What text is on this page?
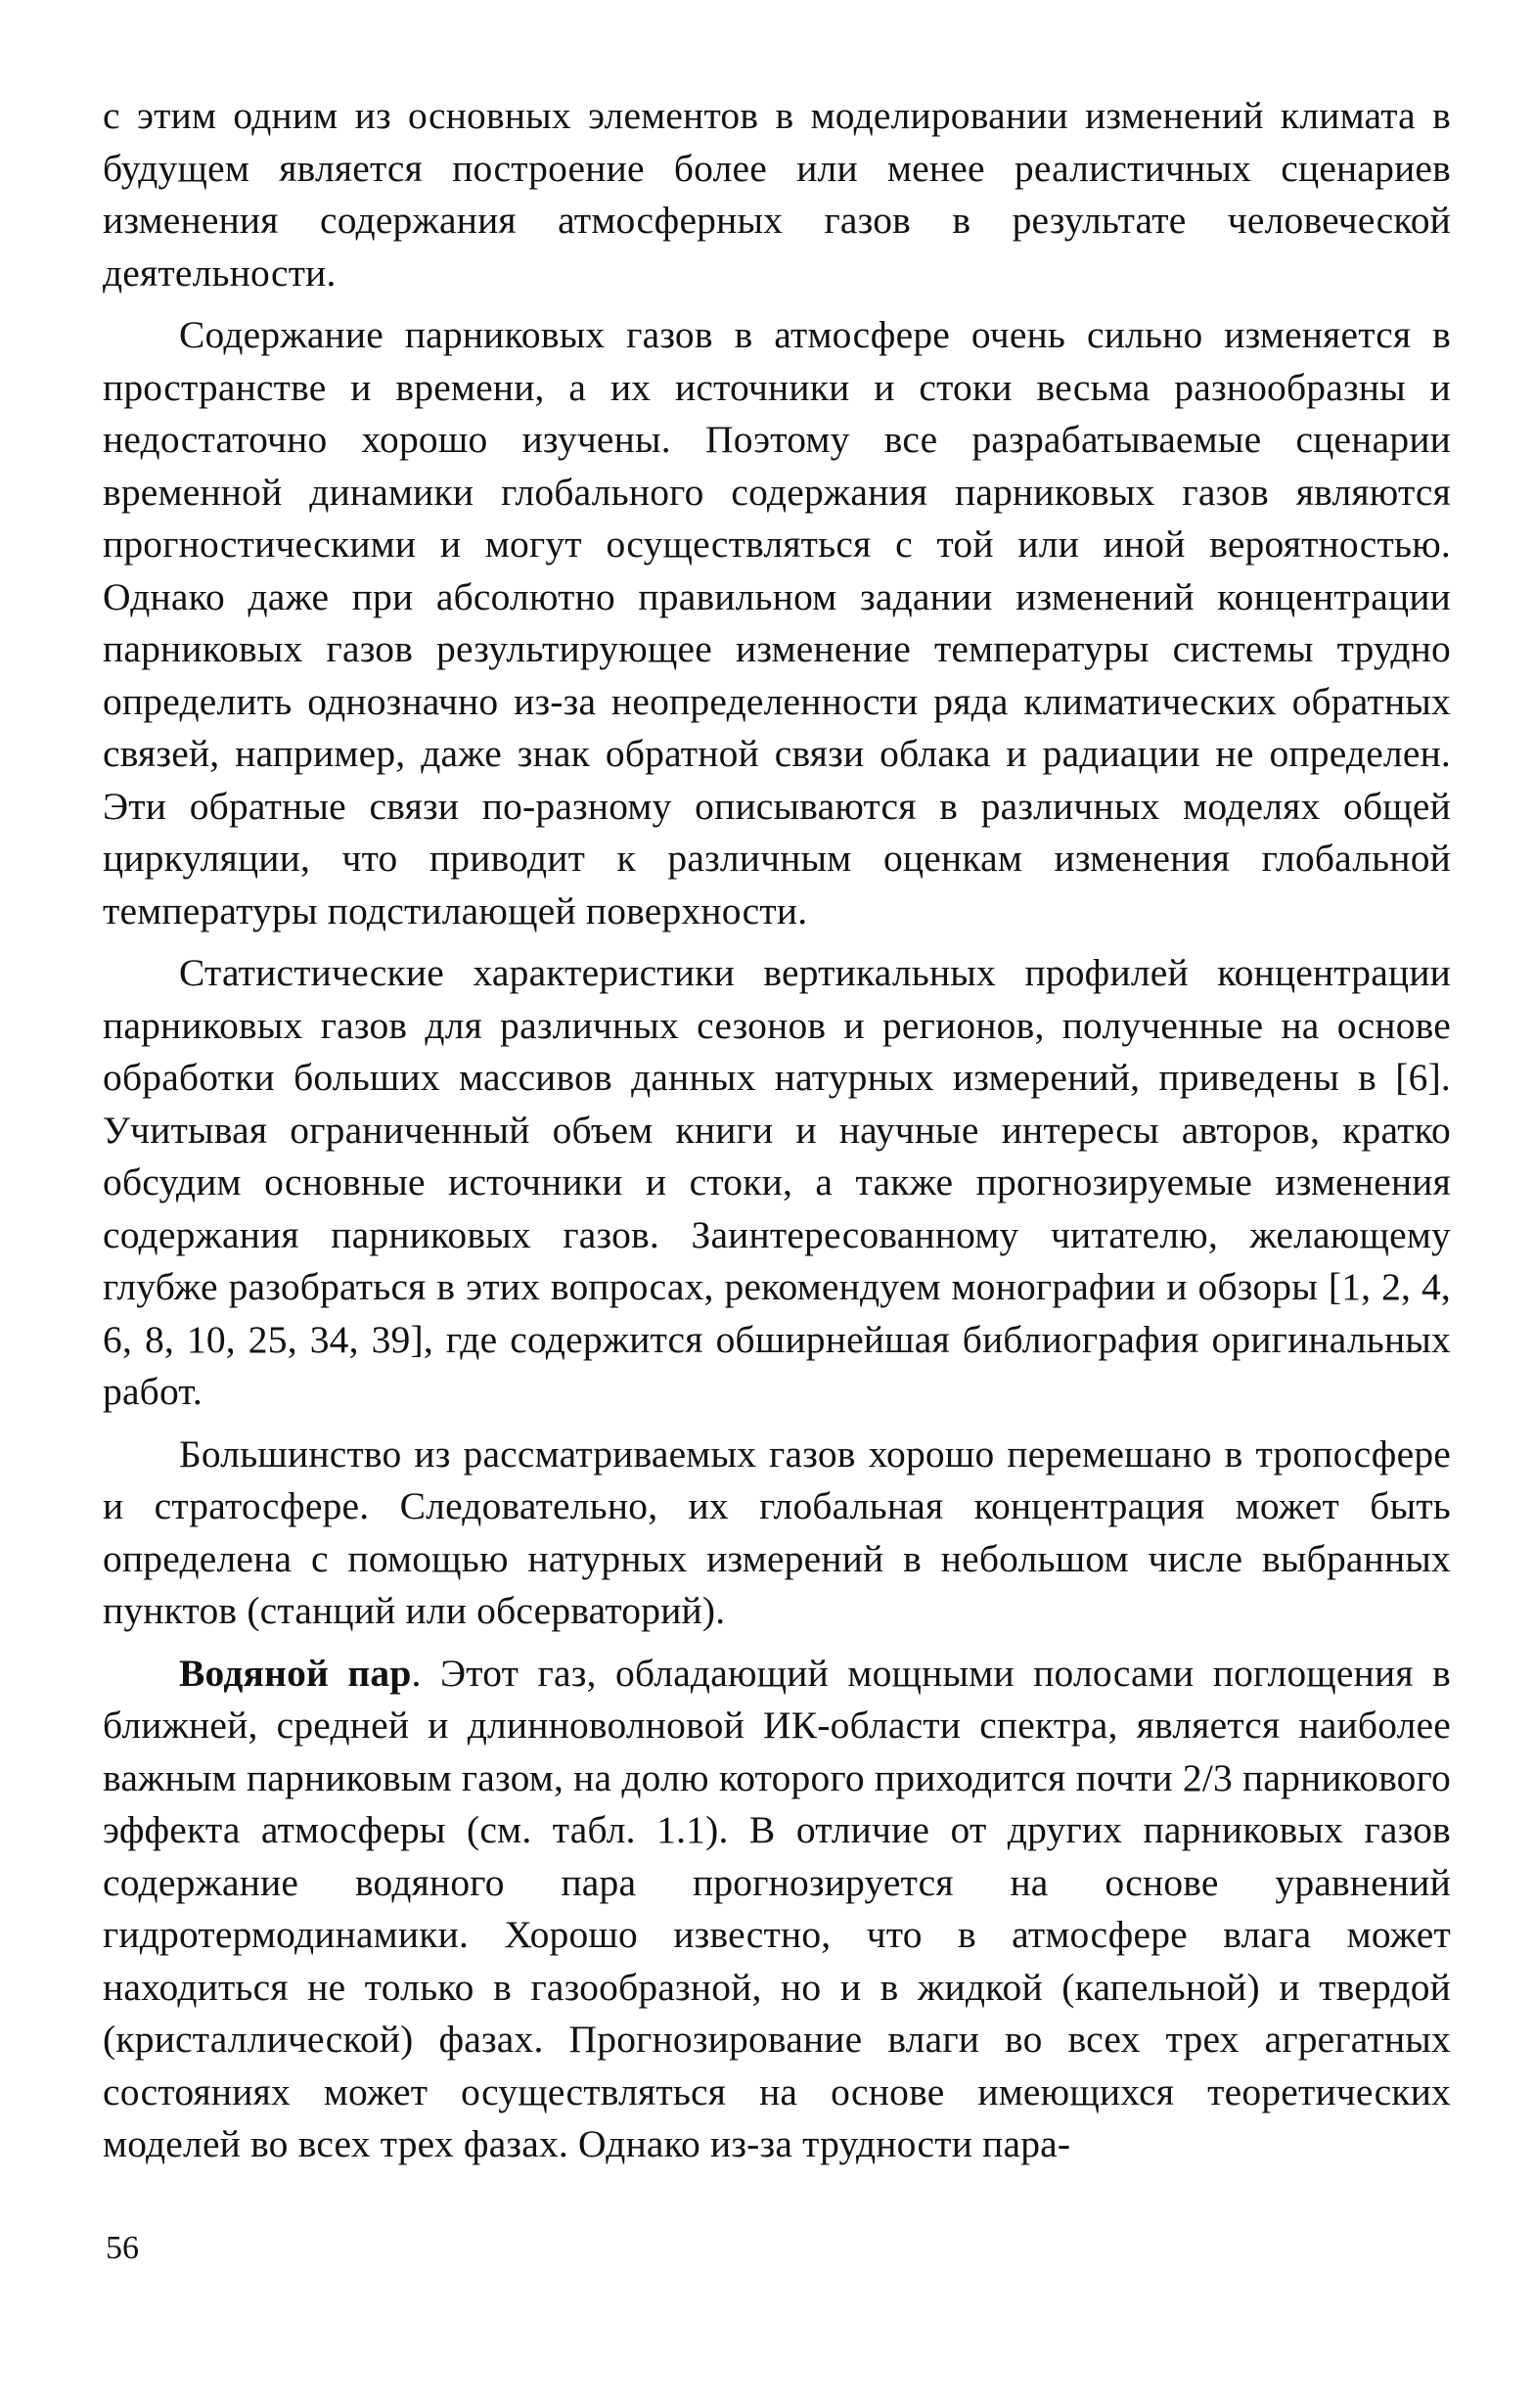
с этим одним из основных элементов в моделировании изменений климата в будущем является построение более или менее реалистичных сценариев изменения содержания атмосферных газов в результате человеческой деятельности.

Содержание парниковых газов в атмосфере очень сильно изменяется в пространстве и времени, а их источники и стоки весьма разнообразны и недостаточно хорошо изучены. Поэтому все разрабатываемые сценарии временной динамики глобального содержания парниковых газов являются прогностическими и могут осуществляться с той или иной вероятностью. Однако даже при абсолютно правильном задании изменений концентрации парниковых газов результирующее изменение температуры системы трудно определить однозначно из-за неопределенности ряда климатических обратных связей, например, даже знак обратной связи облака и радиации не определен. Эти обратные связи по-разному описываются в различных моделях общей циркуляции, что приводит к различным оценкам изменения глобальной температуры подстилающей поверхности.

Статистические характеристики вертикальных профилей концентрации парниковых газов для различных сезонов и регионов, полученные на основе обработки больших массивов данных натурных измерений, приведены в [6]. Учитывая ограниченный объем книги и научные интересы авторов, кратко обсудим основные источники и стоки, а также прогнозируемые изменения содержания парниковых газов. Заинтересованному читателю, желающему глубже разобраться в этих вопросах, рекомендуем монографии и обзоры [1, 2, 4, 6, 8, 10, 25, 34, 39], где содержится обширнейшая библиография оригинальных работ.

Большинство из рассматриваемых газов хорошо перемешано в тропосфере и стратосфере. Следовательно, их глобальная концентрация может быть определена с помощью натурных измерений в небольшом числе выбранных пунктов (станций или обсерваторий).

Водяной пар. Этот газ, обладающий мощными полосами поглощения в ближней, средней и длинноволновой ИК-области спектра, является наиболее важным парниковым газом, на долю которого приходится почти 2/3 парникового эффекта атмосферы (см. табл. 1.1). В отличие от других парниковых газов содержание водяного пара прогнозируется на основе уравнений гидротермодинамики. Хорошо известно, что в атмосфере влага может находиться не только в газообразной, но и в жидкой (капельной) и твердой (кристаллической) фазах. Прогнозирование влаги во всех трех агрегатных состояниях может осуществляться на основе имеющихся теоретических моделей во всех трех фазах. Однако из-за трудности пара-

56
